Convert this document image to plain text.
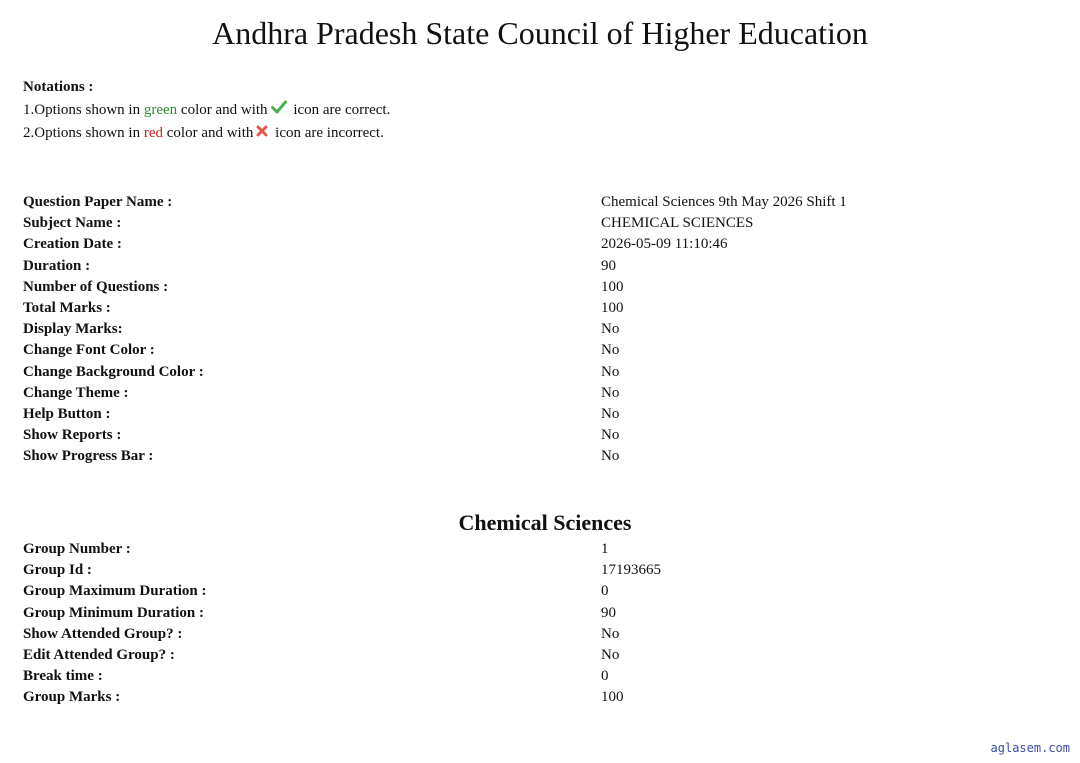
Andhra Pradesh State Council of Higher Education
Notations :
1.Options shown in green color and with icon are correct.
2.Options shown in red color and with icon are incorrect.
Question Paper Name :	Chemical Sciences 9th May 2026 Shift 1
Subject Name :	CHEMICAL SCIENCES
Creation Date :	2026-05-09 11:10:46
Duration :	90
Number of Questions :	100
Total Marks :	100
Display Marks:	No
Change Font Color :	No
Change Background Color :	No
Change Theme :	No
Help Button :	No
Show Reports :	No
Show Progress Bar :	No
Chemical Sciences
Group Number :	1
Group Id :	17193665
Group Maximum Duration :	0
Group Minimum Duration :	90
Show Attended Group? :	No
Edit Attended Group? :	No
Break time :	0
Group Marks :	100
aglasem.com
